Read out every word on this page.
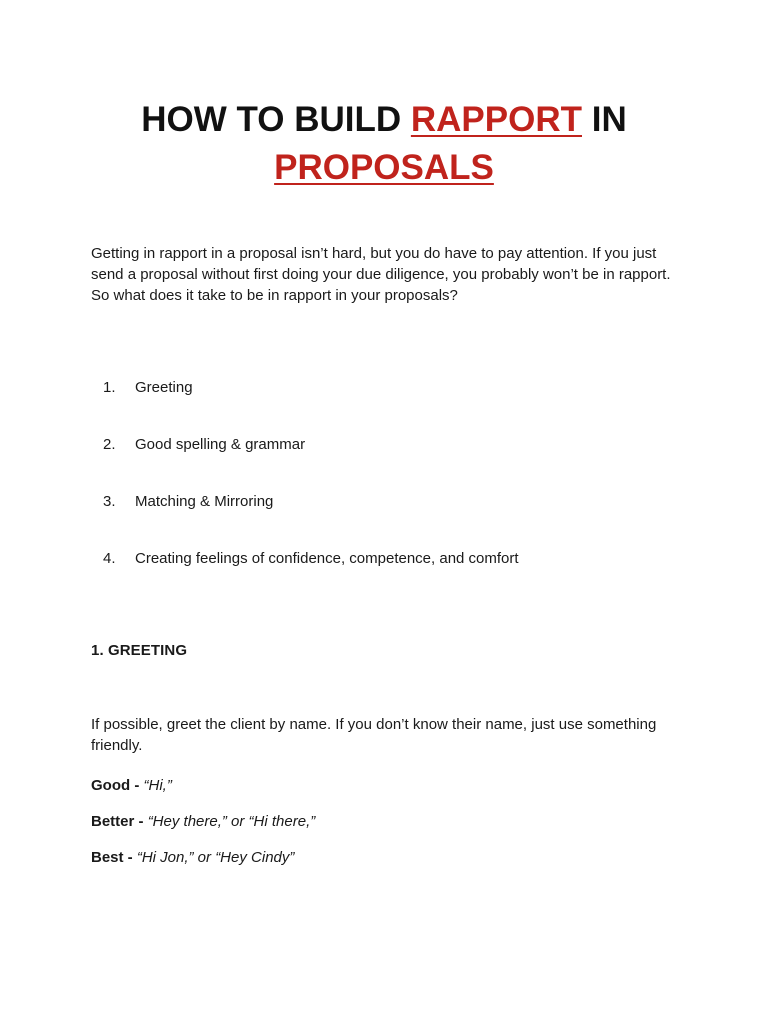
HOW TO BUILD RAPPORT IN
PROPOSALS

Getting in rapport in a proposal isn’t hard, but you do have to pay attention. If you just send a proposal without first doing your due diligence, you probably won’t be in rapport. So what does it take to be in rapport in your proposals?

1. Greeting
2. Good spelling & grammar
3. Matching & Mirroring
4. Creating feelings of confidence, competence, and comfort
1. GREETING

If possible, greet the client by name. If you don’t know their name, just use something friendly.

Good - “Hi,”

Better - “Hey there,” or “Hi there,”

Best - “Hi Jon,” or “Hey Cindy”
